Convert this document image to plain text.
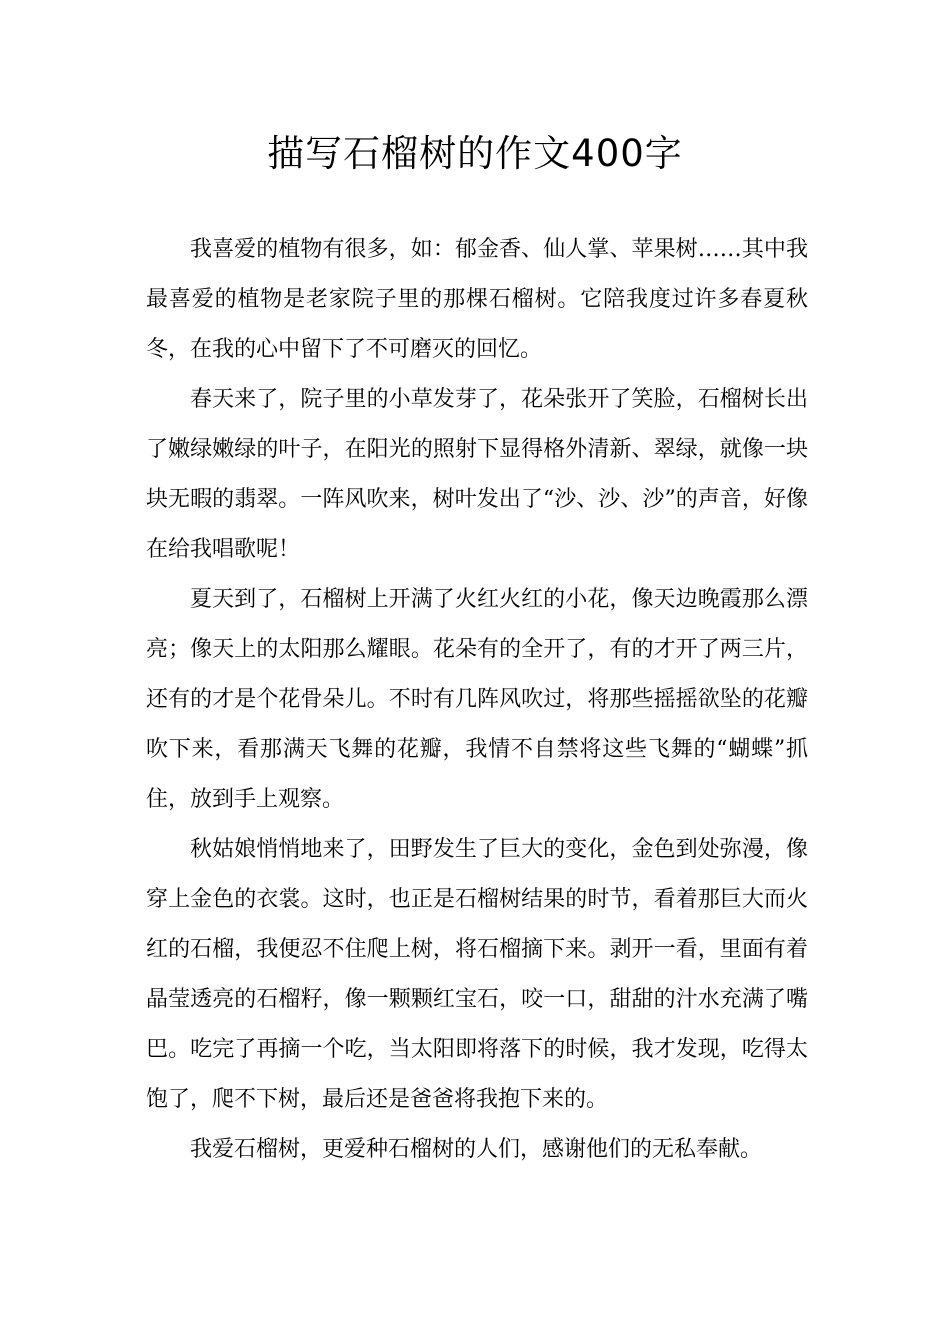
描写石榴树的作文400字

我喜爱的植物有很多，如：郁金香、仙人掌、苹果树……其中我最喜爱的植物是老家院子里的那棵石榴树。它陪我度过许多春夏秋冬，在我的心中留下了不可磨灭的回忆。

春天来了，院子里的小草发芽了，花朵张开了笑脸，石榴树长出了嫩绿嫩绿的叶子，在阳光的照射下显得格外清新、翠绿，就像一块块无暇的翡翠。一阵风吹来，树叶发出了“沙、沙、沙”的声音，好像在给我唱歌呢！

夏天到了，石榴树上开满了火红火红的小花，像天边晚霞那么漂亮；像天上的太阳那么耀眼。花朵有的全开了，有的才开了两三片，还有的才是个花骨朵儿。不时有几阵风吹过，将那些摇摇欲坠的花瓣吹下来，看那满天飞舞的花瓣，我情不自禁将这些飞舞的“蝴蝶”抓住，放到手上观察。

秋姑娘悄悄地来了，田野发生了巨大的变化，金色到处弥漫，像穿上金色的衣裳。这时，也正是石榴树结果的时节，看着那巨大而火红的石榴，我便忍不住爬上树，将石榴摘下来。剥开一看，里面有着晶莹透亮的石榴籽，像一颗颗红宝石，咬一口，甜甜的汁水充满了嘴巴。吃完了再摘一个吃，当太阳即将落下的时候，我才发现，吃得太饱了，爬不下树，最后还是爸爸将我抱下来的。

我爱石榴树，更爱种石榴树的人们，感谢他们的无私奉献。
